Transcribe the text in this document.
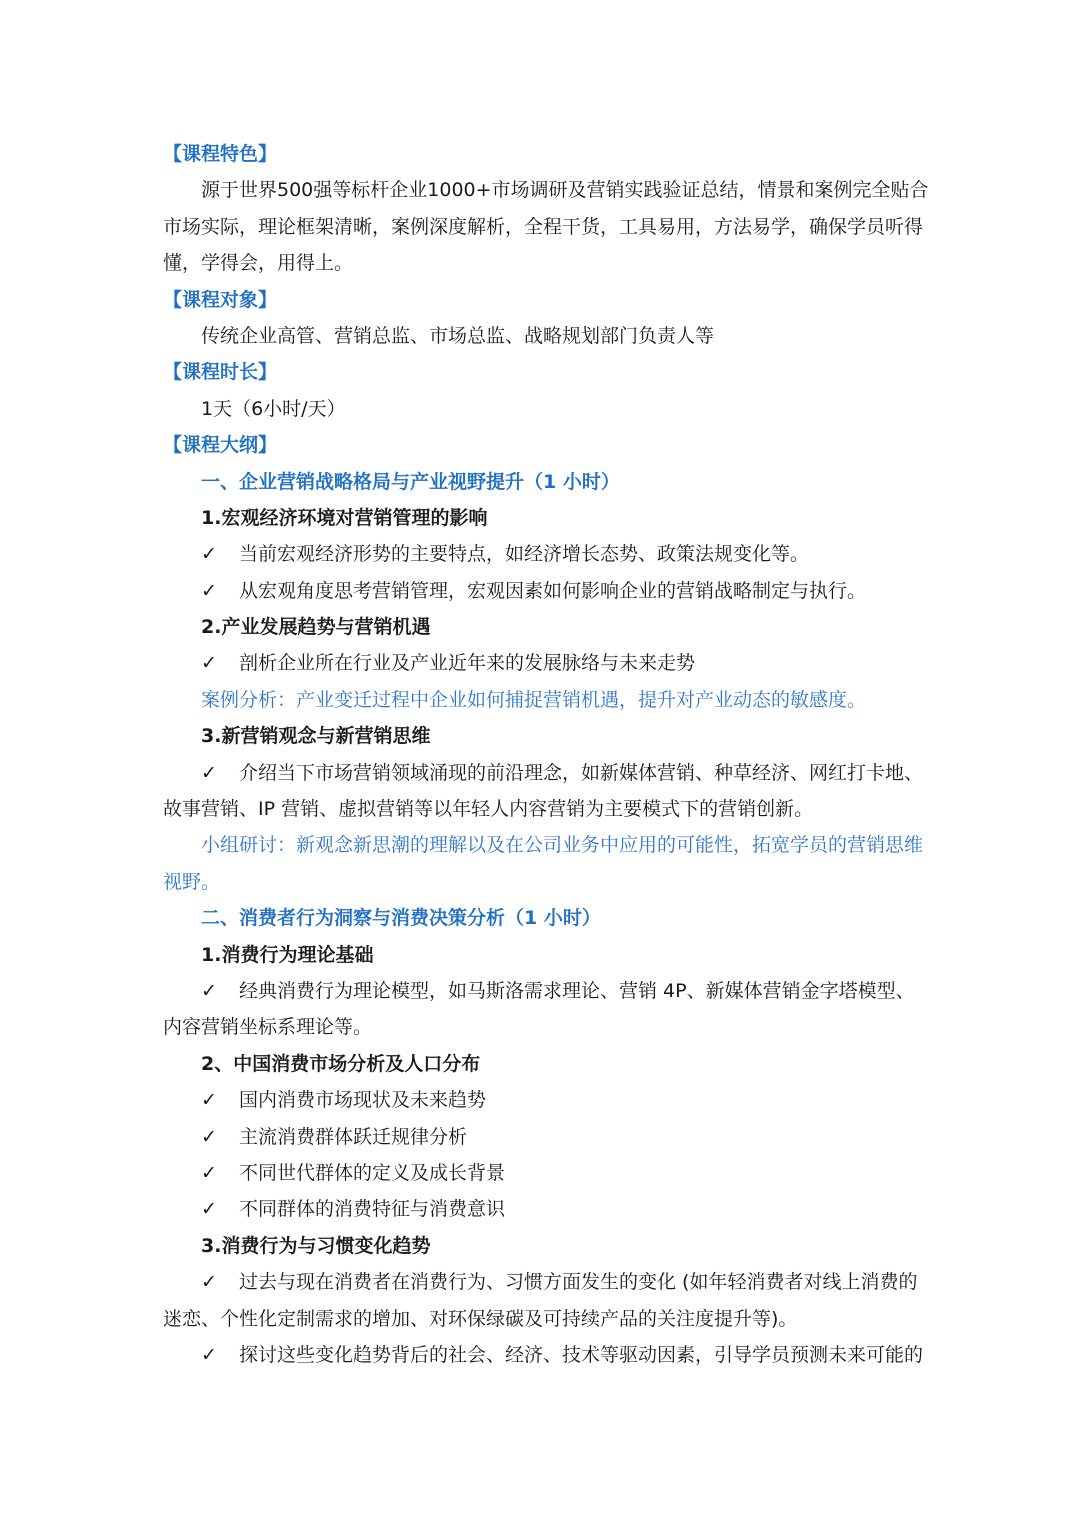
【课程特色】
源于世界500强等标杆企业1000+市场调研及营销实践验证总结，情景和案例完全贴合
市场实际，理论框架清晰，案例深度解析，全程干货，工具易用，方法易学，确保学员听得
懂，学得会，用得上。
【课程对象】
传统企业高管、营销总监、市场总监、战略规划部门负责人等
【课程时长】
1天（6小时/天）
【课程大纲】
一、企业营销战略格局与产业视野提升（1 小时）
1.宏观经济环境对营销管理的影响
✓ 当前宏观经济形势的主要特点，如经济增长态势、政策法规变化等。
✓ 从宏观角度思考营销管理，宏观因素如何影响企业的营销战略制定与执行。
2.产业发展趋势与营销机遇
✓ 剖析企业所在行业及产业近年来的发展脉络与未来走势
案例分析：产业变迁过程中企业如何捕捉营销机遇，提升对产业动态的敏感度。
3.新营销观念与新营销思维
✓ 介绍当下市场营销领域涌现的前沿理念，如新媒体营销、种草经济、网红打卡地、
故事营销、IP 营销、虚拟营销等以年轻人内容营销为主要模式下的营销创新。
小组研讨：新观念新思潮的理解以及在公司业务中应用的可能性，拓宽学员的营销思维
视野。
二、消费者行为洞察与消费决策分析（1 小时）
1.消费行为理论基础
✓ 经典消费行为理论模型，如马斯洛需求理论、营销 4P、新媒体营销金字塔模型、
内容营销坐标系理论等。
2、中国消费市场分析及人口分布
✓ 国内消费市场现状及未来趋势
✓ 主流消费群体跃迁规律分析
✓ 不同世代群体的定义及成长背景
✓ 不同群体的消费特征与消费意识
3.消费行为与习惯变化趋势
✓ 过去与现在消费者在消费行为、习惯方面发生的变化 (如年轻消费者对线上消费的
迷恋、个性化定制需求的增加、对环保绿碳及可持续产品的关注度提升等)。
✓ 探讨这些变化趋势背后的社会、经济、技术等驱动因素，引导学员预测未来可能的
